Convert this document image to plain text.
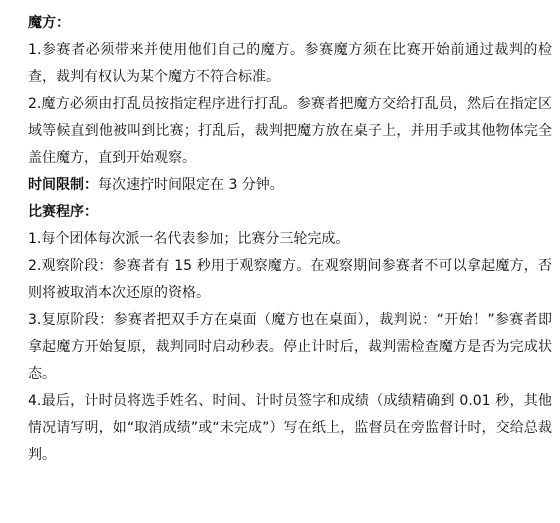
魔方：

1.参赛者必须带来并使用他们自己的魔方。参赛魔方须在比赛开始前通过裁判的检查，裁判有权认为某个魔方不符合标准。

2.魔方必须由打乱员按指定程序进行打乱。参赛者把魔方交给打乱员，然后在指定区域等候直到他被叫到比赛；打乱后，裁判把魔方放在桌子上，并用手或其他物体完全盖住魔方，直到开始观察。

时间限制：每次速拧时间限定在 3 分钟。

比赛程序：

1.每个团体每次派一名代表参加；比赛分三轮完成。

2.观察阶段：参赛者有 15 秒用于观察魔方。在观察期间参赛者不可以拿起魔方，否则将被取消本次还原的资格。

3.复原阶段：参赛者把双手方在桌面（魔方也在桌面），裁判说：“开始！”参赛者即拿起魔方开始复原，裁判同时启动秒表。停止计时后，裁判需检查魔方是否为完成状态。

4.最后，计时员将选手姓名、时间、计时员签字和成绩（成绩精确到 0.01 秒，其他情况请写明，如“取消成绩”或“未完成”）写在纸上，监督员在旁监督计时，交给总裁判。
